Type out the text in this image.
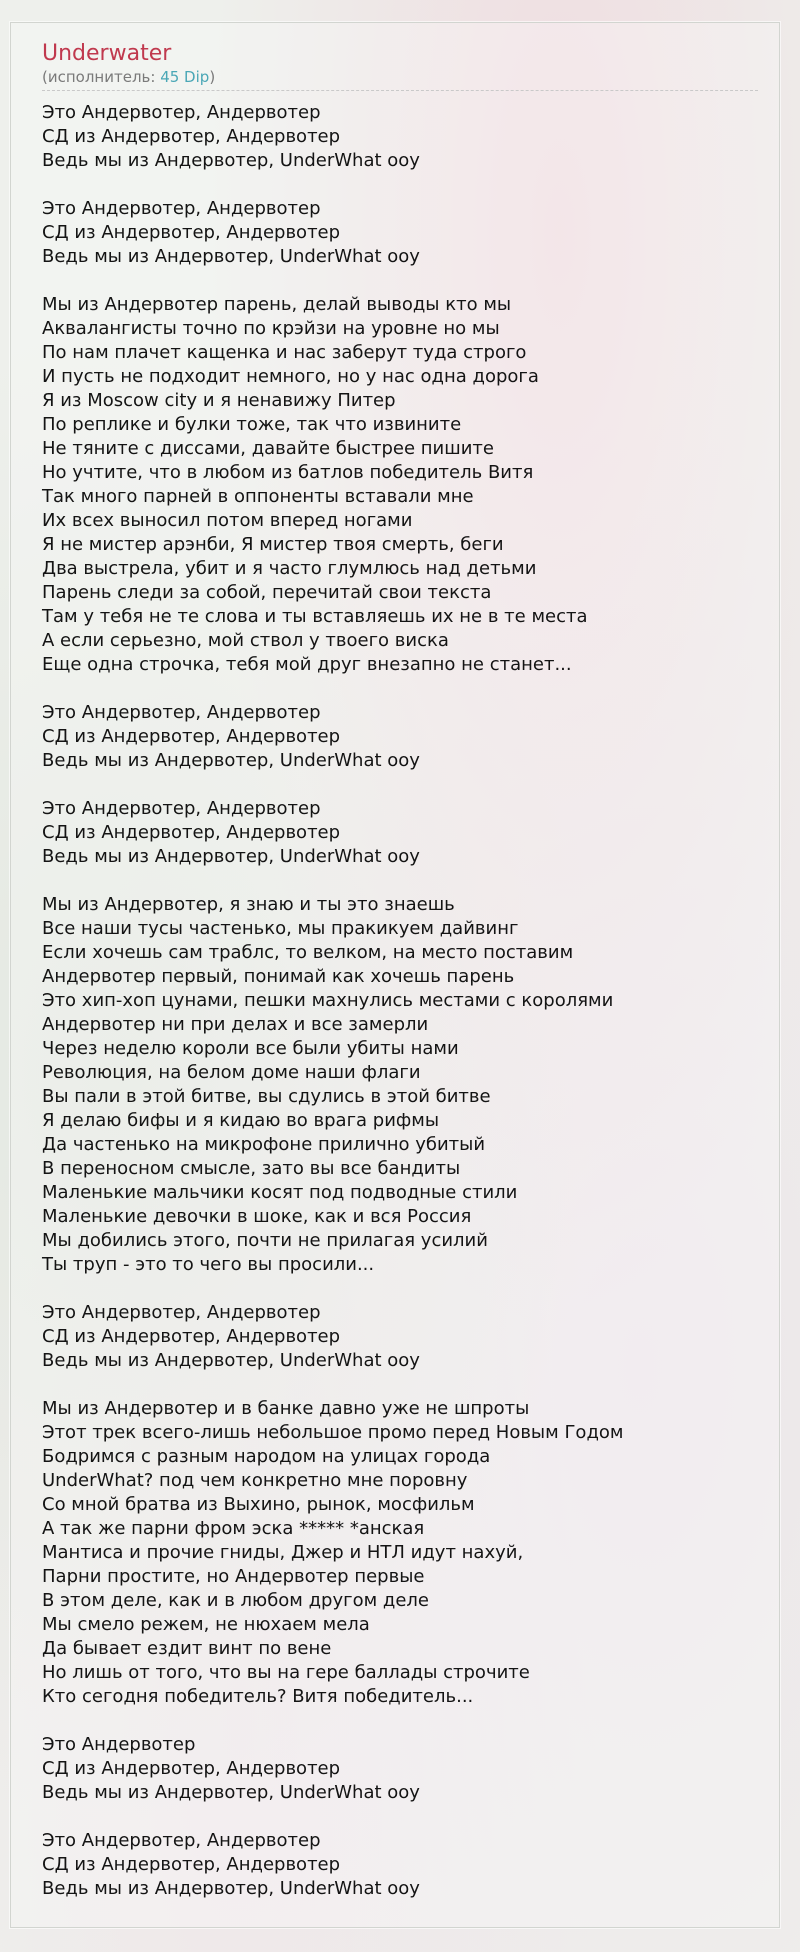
Underwater
(исполнитель: 45 Dip)
Это Андервотер, Андервотер
СД из Андервотер, Андервотер
Ведь мы из Андервотер, UnderWhat ооу
Это Андервотер, Андервотер
СД из Андервотер, Андервотер
Ведь мы из Андервотер, UnderWhat ооу
Мы из Андервотер парень, делай выводы кто мы
Аквалангисты точно по крэйзи на уровне но мы
По нам плачет кащенка и нас заберут туда строго
И пусть не подходит немного, но у нас одна дорога
Я из Moscow city и я ненавижу Питер
По реплике и булки тоже, так что извините
Не тяните с диссами, давайте быстрее пишите
Но учтите, что в любом из батлов победитель Витя
Так много парней в оппоненты вставали мне
Их всех выносил потом вперед ногами
Я не мистер арэнби, Я мистер твоя смерть, беги
Два выстрела, убит и я часто глумлюсь над детьми
Парень следи за собой, перечитай свои текста
Там у тебя не те слова и ты вставляешь их не в те места
А если серьезно, мой ствол у твоего виска
Еще одна строчка, тебя мой друг внезапно не станет...
Это Андервотер, Андервотер
СД из Андервотер, Андервотер
Ведь мы из Андервотер, UnderWhat ооу
Это Андервотер, Андервотер
СД из Андервотер, Андервотер
Ведь мы из Андервотер, UnderWhat ооу
Мы из Андервотер, я знаю и ты это знаешь
Все наши тусы частенько, мы пракикуем дайвинг
Если хочешь сам траблс, то велком, на место поставим
Андервотер первый, понимай как хочешь парень
Это хип-хоп цунами, пешки махнулись местами с королями
Андервотер ни при делах и все замерли
Через неделю короли все были убиты нами
Революция, на белом доме наши флаги
Вы пали в этой битве, вы сдулись в этой битве
Я делаю бифы и я кидаю во врага рифмы
Да частенько на микрофоне прилично убитый
В переносном смысле, зато вы все бандиты
Маленькие мальчики косят под подводные стили
Маленькие девочки в шоке, как и вся Россия
Мы добились этого, почти не прилагая усилий
Ты труп - это то чего вы просили...
Это Андервотер, Андервотер
СД из Андервотер, Андервотер
Ведь мы из Андервотер, UnderWhat ооу
Мы из Андервотер и в банке давно уже не шпроты
Этот трек всего-лишь небольшое промо перед Новым Годом
Бодримся с разным народом на улицах города
UnderWhat? под чем конкретно мне поровну
Со мной братва из Выхино, рынок, мосфильм
А так же парни фром эска ***** *анская
Мантиса и прочие гниды, Джер и НТЛ идут нахуй,
Парни простите, но Андервотер первые
В этом деле, как и в любом другом деле
Мы смело режем, не нюхаем мела
Да бывает ездит винт по вене
Но лишь от того, что вы на гере баллады строчите
Кто сегодня победитель? Витя победитель...
Это Андервотер
СД из Андервотер, Андервотер
Ведь мы из Андервотер, UnderWhat ооу
Это Андервотер, Андервотер
СД из Андервотер, Андервотер
Ведь мы из Андервотер, UnderWhat ооу
